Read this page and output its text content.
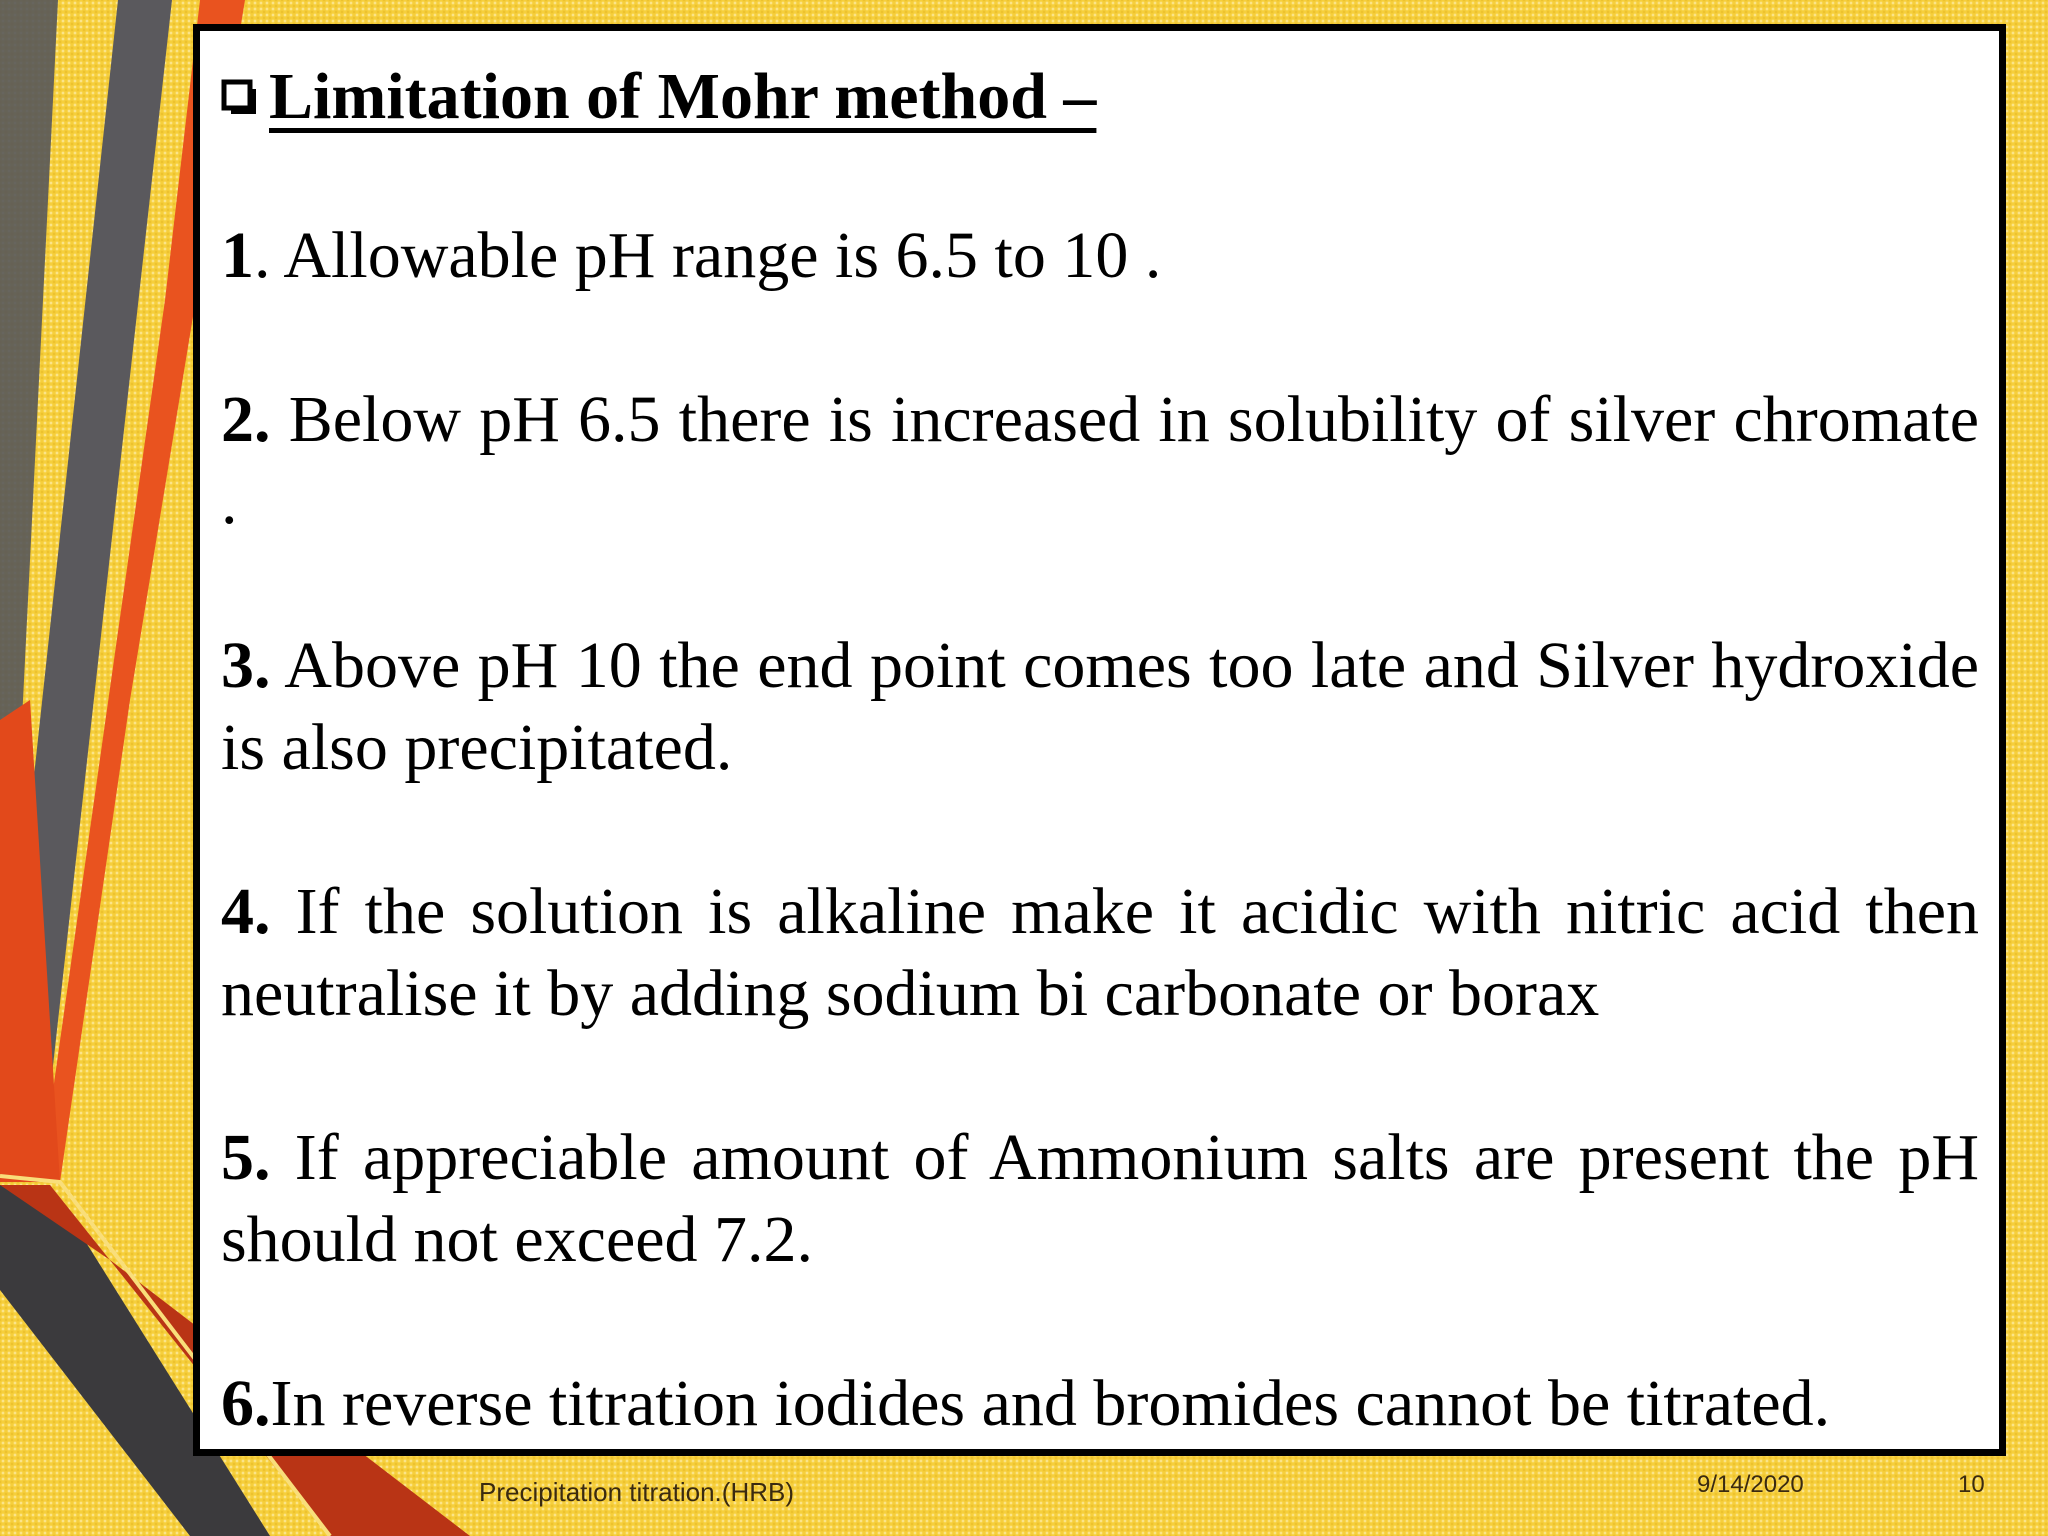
Limitation of Mohr method –
1. Allowable pH range is 6.5 to 10 .
2. Below pH 6.5 there is increased in solubility of silver chromate .
3. Above pH 10 the end point comes too late and Silver hydroxide is also precipitated.
4. If the solution is alkaline make it acidic with nitric acid then neutralise it by adding sodium bi carbonate or borax
5. If appreciable amount of Ammonium salts are present the pH should not exceed 7.2.
6.In reverse titration iodides and bromides cannot be titrated.
Precipitation titration.(HRB)	9/14/2020	10
